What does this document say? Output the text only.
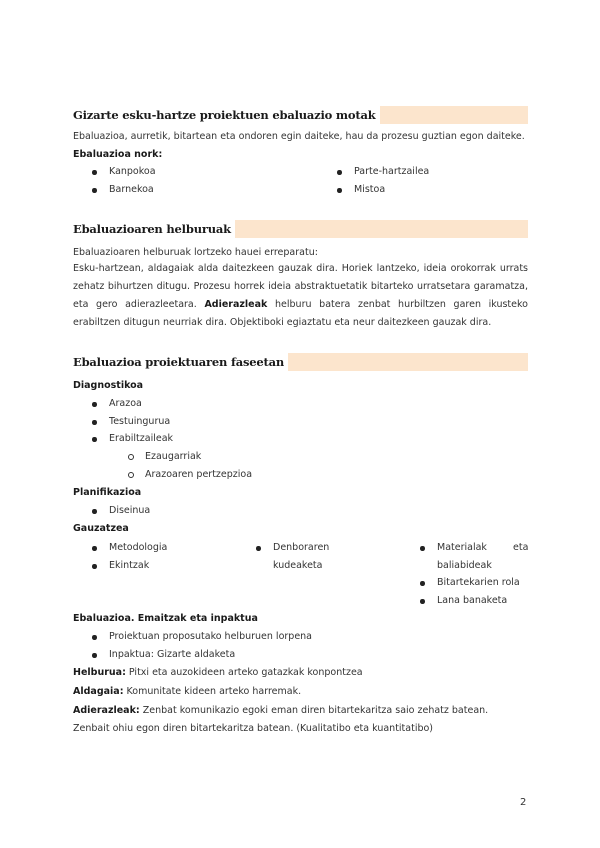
Gizarte esku-hartze proiektuen ebaluazio motak
Ebaluazioa, aurretik, bitartean eta ondoren egin daiteke, hau da prozesu guztian egon daiteke.
Ebaluazioa nork:
Kanpokoa
Barnekoa
Parte-hartzailea
Mistoa
Ebaluazioaren helburuak
Ebaluazioaren helburuak lortzeko hauei erreparatu:
Esku-hartzean, aldagaiak alda daitezkeen gauzak dira. Horiek lantzeko, ideia orokorrak urrats zehatz bihurtzen ditugu. Prozesu horrek ideia abstraktuetatik bitarteko urratsetara garamatza, eta gero adierazleetara. Adierazleak helburu batera zenbat hurbiltzen garen ikusteko erabiltzen ditugun neurriak dira. Objektiboki egiaztatu eta neur daitezkeen gauzak dira.
Ebaluazioa proiektuaren faseetan
Diagnostikoa
Arazoa
Testuingurua
Erabiltzaileak
Ezaugarriak
Arazoaren pertzepzioa
Planifikazioa
Diseinua
Gauzatzea
Metodologia
Ekintzak
Denboraren
kudeaketa
Materialak	eta
baliabideak
Bitartekarien rola
Lana banaketa
Ebaluazioa. Emaitzak eta inpaktua
Proiektuan proposutako helburuen lorpena
Inpaktua: Gizarte aldaketa
Helburua: Pitxi eta auzokideen arteko gatazkak konpontzea
Aldagaia: Komunitate kideen arteko harremak.
Adierazleak: Zenbat komunikazio egoki eman diren bitartekaritza saio zehatz batean.
Zenbait ohiu egon diren bitartekaritza batean. (Kualitatibo eta kuantitatibo)
2
